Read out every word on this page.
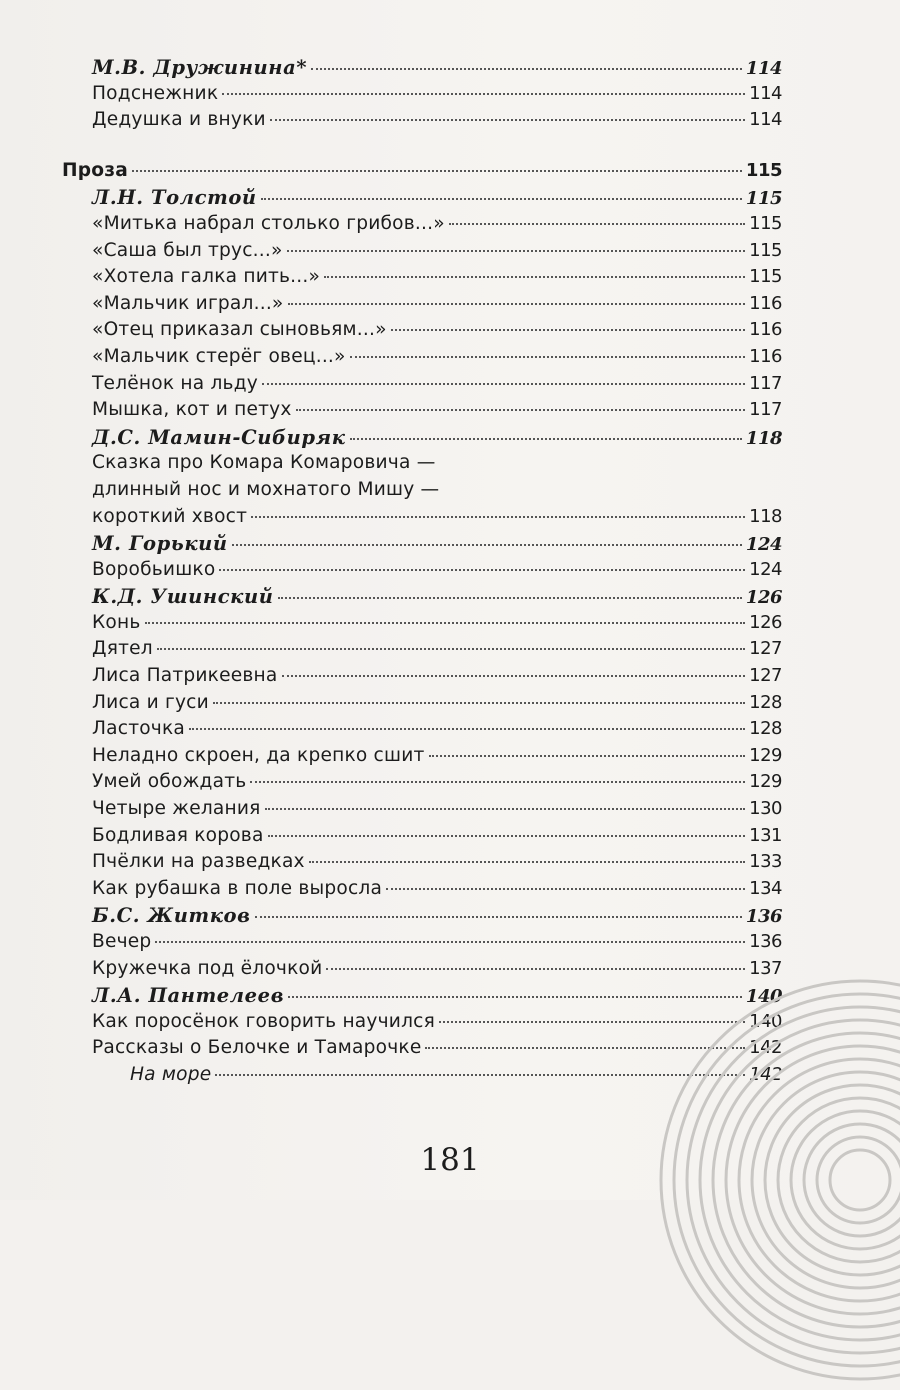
М.В. Дружинина*	114
Подснежник	114
Дедушка и внуки	114
Проза	115
Л.Н. Толстой	115
«Митька набрал столько грибов...»	115
«Саша был трус...»	115
«Хотела галка пить...»	115
«Мальчик играл...»	116
«Отец приказал сыновьям...»	116
«Мальчик стерёг овец...»	116
Телёнок на льду	117
Мышка, кот и петух	117
Д.С. Мамин-Сибиряк	118
Сказка про Комара Комаровича —
длинный нос и мохнатого Мишу —
короткий хвост	118
М. Горький	124
Воробьишко	124
К.Д. Ушинский	126
Конь	126
Дятел	127
Лиса Патрикеевна	127
Лиса и гуси	128
Ласточка	128
Неладно скроен, да крепко сшит	129
Умей обождать	129
Четыре желания	130
Бодливая корова	131
Пчёлки на разведках	133
Как рубашка в поле выросла	134
Б.С. Житков	136
Вечер	136
Кружечка под ёлочкой	137
Л.А. Пантелеев	140
Как поросёнок говорить научился	140
Рассказы о Белочке и Тамарочке	142
На море	142
181
